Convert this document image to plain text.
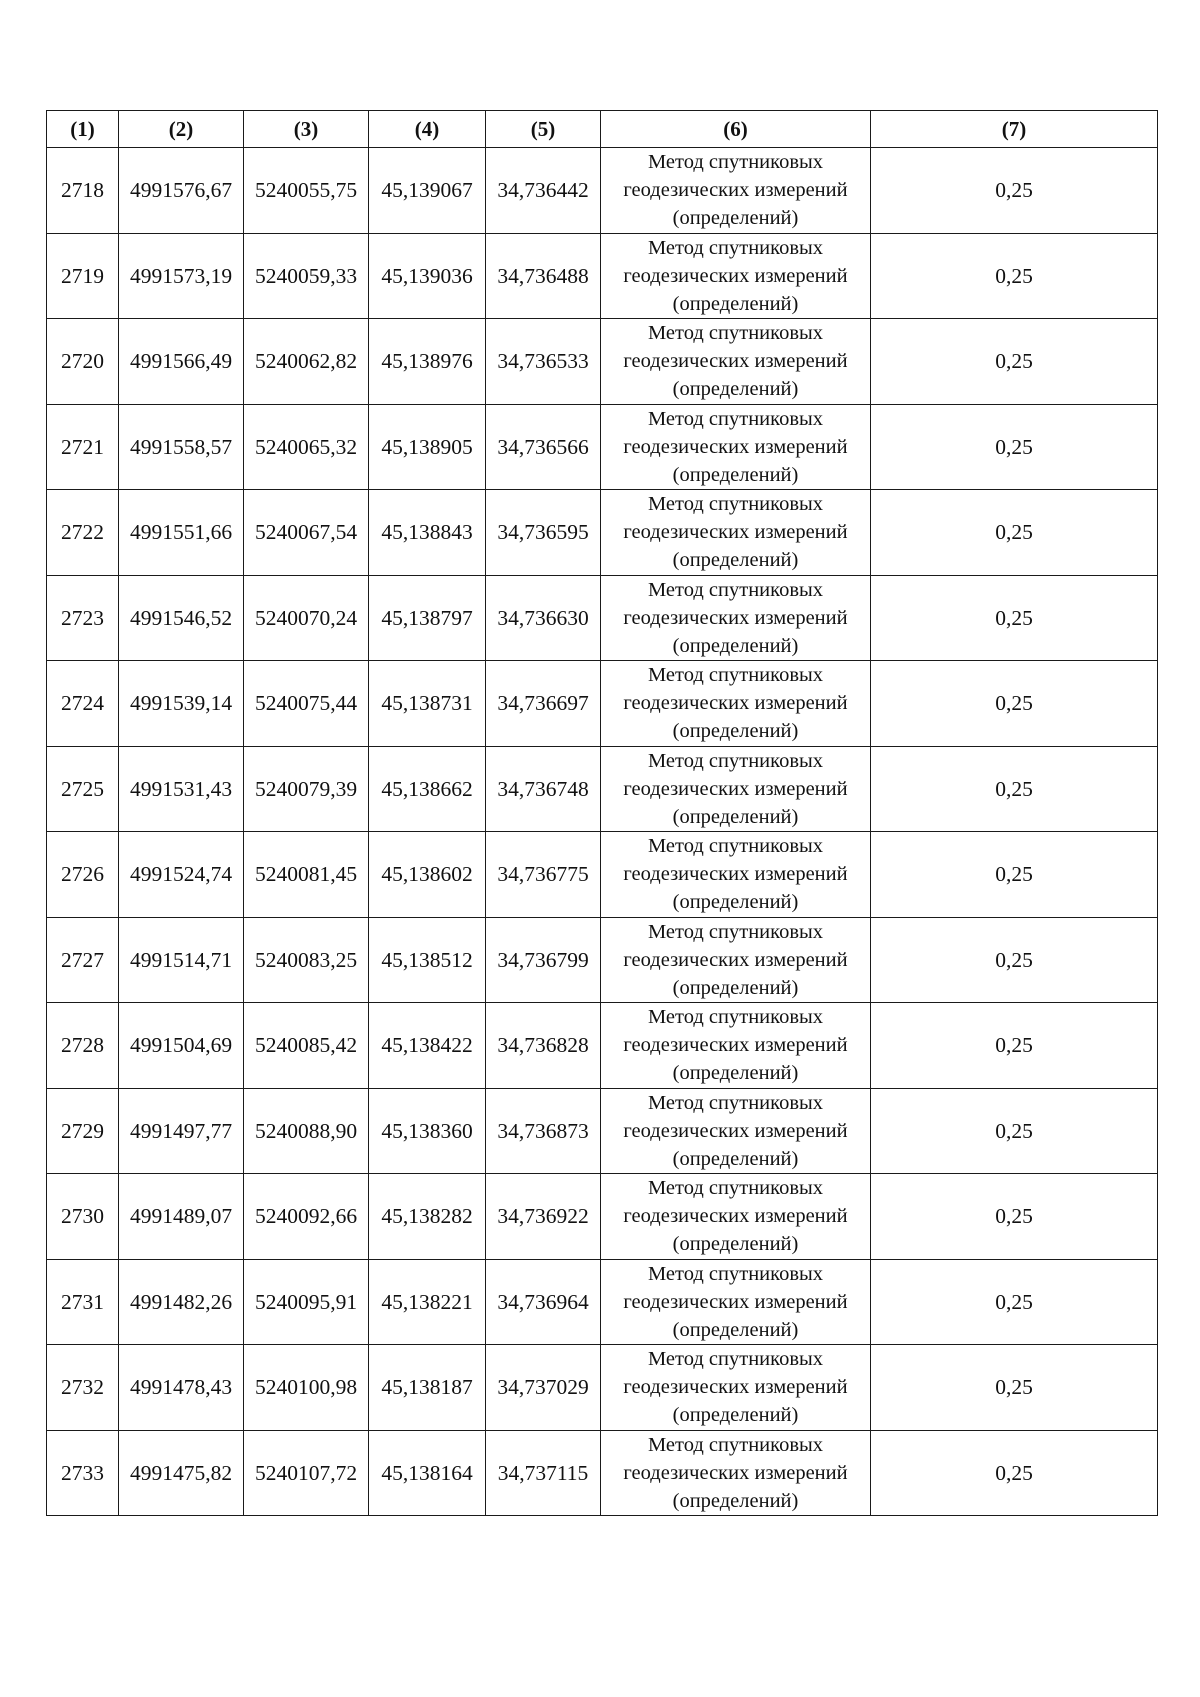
(1)	(2)	(3)	(4)	(5)	(6)	(7)
2718	4991576,67	5240055,75	45,139067	34,736442	Метод спутниковых геодезических измерений (определений)	0,25
2719	4991573,19	5240059,33	45,139036	34,736488	Метод спутниковых геодезических измерений (определений)	0,25
2720	4991566,49	5240062,82	45,138976	34,736533	Метод спутниковых геодезических измерений (определений)	0,25
2721	4991558,57	5240065,32	45,138905	34,736566	Метод спутниковых геодезических измерений (определений)	0,25
2722	4991551,66	5240067,54	45,138843	34,736595	Метод спутниковых геодезических измерений (определений)	0,25
2723	4991546,52	5240070,24	45,138797	34,736630	Метод спутниковых геодезических измерений (определений)	0,25
2724	4991539,14	5240075,44	45,138731	34,736697	Метод спутниковых геодезических измерений (определений)	0,25
2725	4991531,43	5240079,39	45,138662	34,736748	Метод спутниковых геодезических измерений (определений)	0,25
2726	4991524,74	5240081,45	45,138602	34,736775	Метод спутниковых геодезических измерений (определений)	0,25
2727	4991514,71	5240083,25	45,138512	34,736799	Метод спутниковых геодезических измерений (определений)	0,25
2728	4991504,69	5240085,42	45,138422	34,736828	Метод спутниковых геодезических измерений (определений)	0,25
2729	4991497,77	5240088,90	45,138360	34,736873	Метод спутниковых геодезических измерений (определений)	0,25
2730	4991489,07	5240092,66	45,138282	34,736922	Метод спутниковых геодезических измерений (определений)	0,25
2731	4991482,26	5240095,91	45,138221	34,736964	Метод спутниковых геодезических измерений (определений)	0,25
2732	4991478,43	5240100,98	45,138187	34,737029	Метод спутниковых геодезических измерений (определений)	0,25
2733	4991475,82	5240107,72	45,138164	34,737115	Метод спутниковых геодезических измерений (определений)	0,25
